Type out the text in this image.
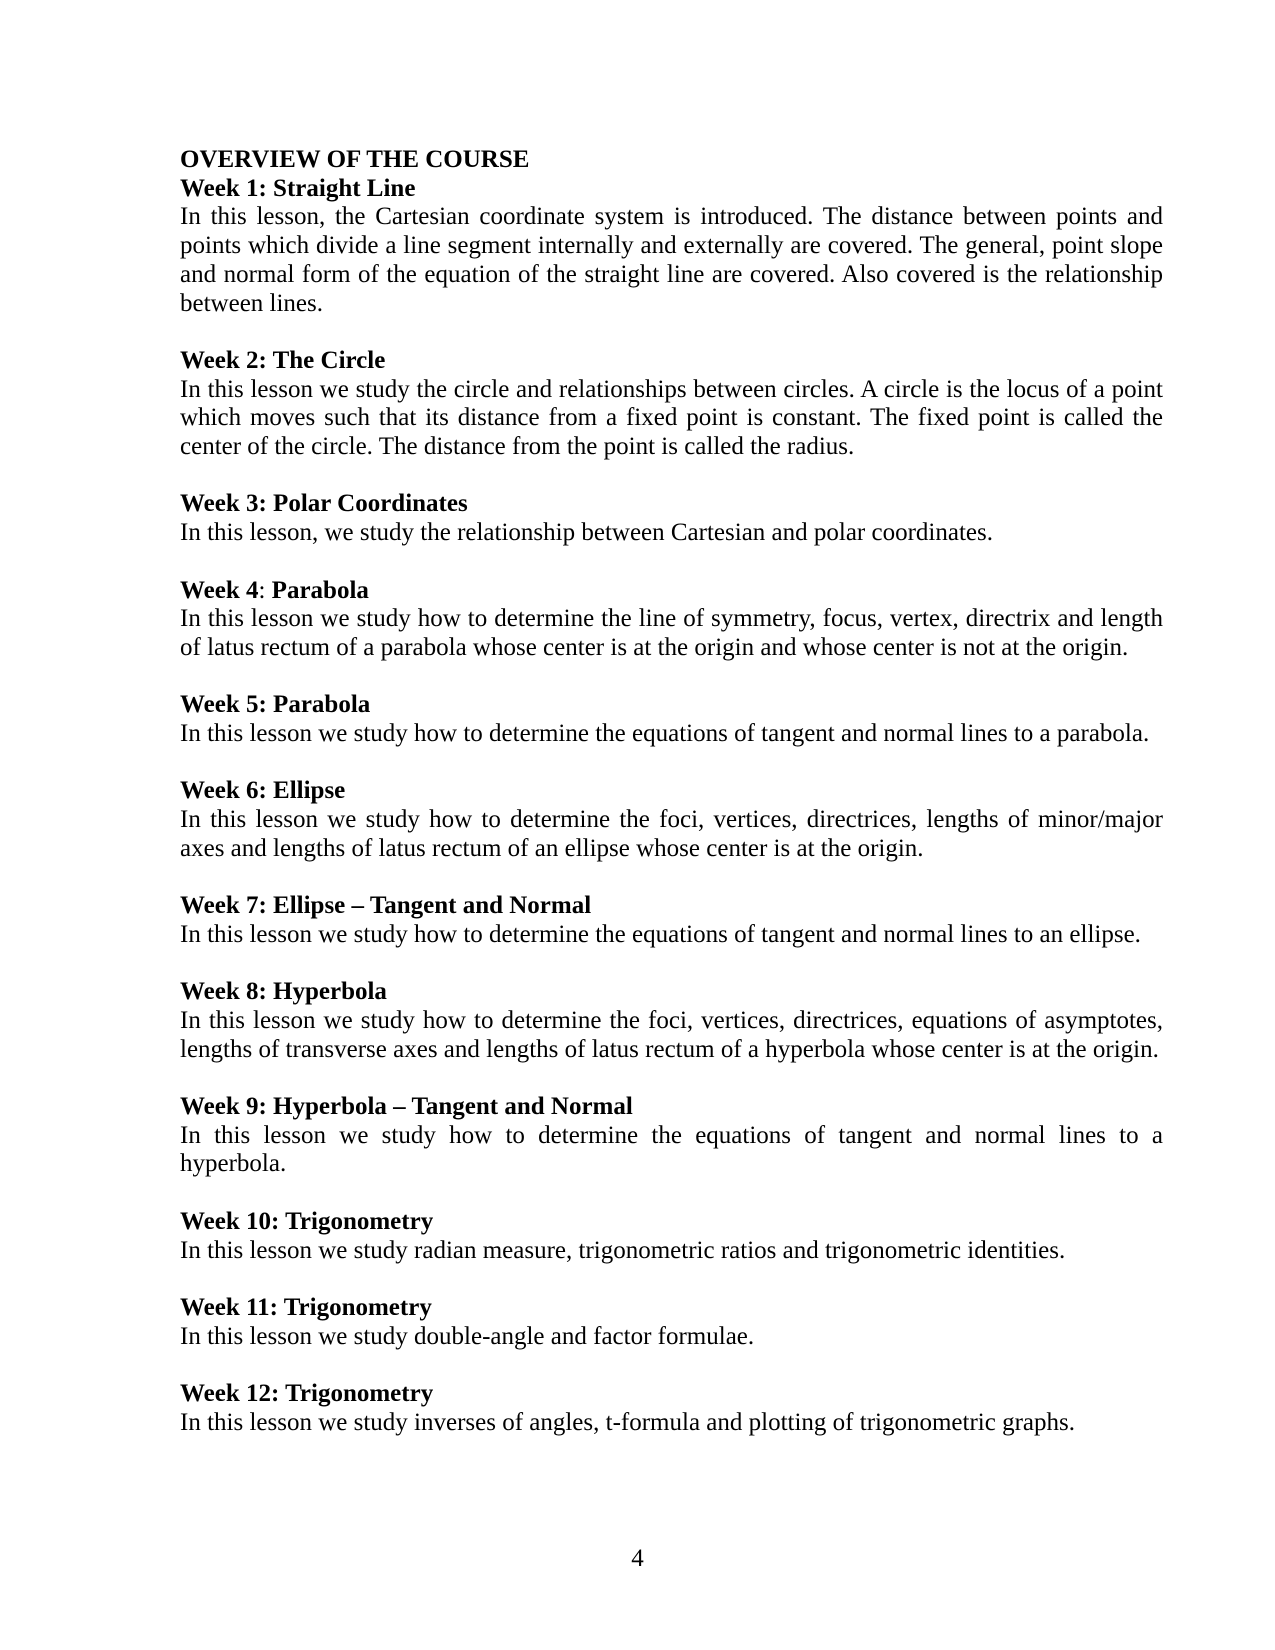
OVERVIEW OF THE COURSE
Week 1: Straight Line

In this lesson, the Cartesian coordinate system is introduced. The distance between points and points which divide a line segment internally and externally are covered. The general, point slope and normal form of the equation of the straight line are covered. Also covered is the relationship between lines.

Week 2: The Circle

In this lesson we study the circle and relationships between circles. A circle is the locus of a point which moves such that its distance from a fixed point is constant. The fixed point is called the center of the circle. The distance from the point is called the radius.

Week 3: Polar Coordinates

In this lesson, we study the relationship between Cartesian and polar coordinates.

Week 4: Parabola

In this lesson we study how to determine the line of symmetry, focus, vertex, directrix and length of latus rectum of a parabola whose center is at the origin and whose center is not at the origin.

Week 5: Parabola

In this lesson we study how to determine the equations of tangent and normal lines to a parabola.

Week 6: Ellipse

In this lesson we study how to determine the foci, vertices, directrices, lengths of minor/major axes and lengths of latus rectum of an ellipse whose center is at the origin.

Week 7: Ellipse – Tangent and Normal

In this lesson we study how to determine the equations of tangent and normal lines to an ellipse.

Week 8: Hyperbola

In this lesson we study how to determine the foci, vertices, directrices, equations of asymptotes, lengths of transverse axes and lengths of latus rectum of a hyperbola whose center is at the origin.

Week 9: Hyperbola – Tangent and Normal

In this lesson we study how to determine the equations of tangent and normal lines to a hyperbola.

Week 10: Trigonometry

In this lesson we study radian measure, trigonometric ratios and trigonometric identities.

Week 11: Trigonometry

In this lesson we study double-angle and factor formulae.

Week 12: Trigonometry

In this lesson we study inverses of angles, t-formula and plotting of trigonometric graphs.

4
